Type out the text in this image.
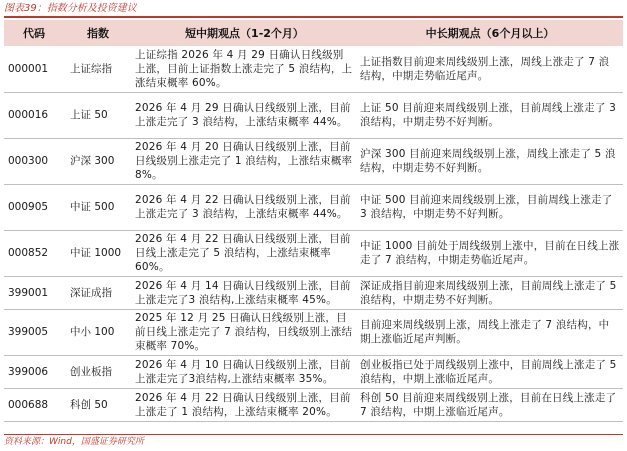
图表39：指数分析及投资建议
代码	指数	短中期观点（1-2个月）	中长期观点（6个月以上）
000001	上证综指	上证综指 2026 年 4 月 29 日确认日线级别上涨，目前上证指数上涨走完了 5 浪结构，上涨结束概率 60%。	上证指数目前迎来周线级别上涨，周线上涨走了 7 浪结构，中期走势临近尾声。
000016	上证 50	2026 年 4 月 29 日确认日线级别上涨，目前上涨走完了 3 浪结构，上涨结束概率 44%。	上证 50 目前迎来周线级别上涨，目前周线上涨走了 3 浪结构，中期走势不好判断。
000300	沪深 300	2026 年 4 月 20 日确认日线级别上涨，目前日线级别上涨走完了 1 浪结构，上涨结束概率 8%。	沪深 300 目前迎来周线级别上涨，周线上涨走了 5 浪结构，中期走势不好判断。
000905	中证 500	2026 年 4 月 22 日确认日线级别上涨，目前上涨走完了 3 浪结构，上涨结束概率 44%。	中证 500 目前迎来周线级别上涨，目前周线上涨走了 3 浪结构，中期走势不好判断。
000852	中证 1000	2026 年 4 月 22 日确认日线级别上涨，目前日线上涨走完了 5 浪结构，上涨结束概率 60%。	中证 1000 目前处于周线级别上涨中，目前在日线上涨走了 7 浪结构，中期走势临近尾声。
399001	深证成指	2026 年 4 月 14 日确认日线级别上涨，目前上涨走完了3 浪结构,上涨结束概率 45%。	深证成指目前迎来周线级别上涨，目前周线上涨走了 5 浪结构，中期走势不好判断。
399005	中小 100	2025 年 12 月 25 日确认日线级别上涨，目前日线上涨走完了 7 浪结构，日线级别上涨结束概率 70%。	目前迎来周线级别上涨，周线上涨走了 7 浪结构，中期上涨临近尾声判断。
399006	创业板指	2026 年 4 月 10 日确认日线级别上涨，目前上涨走完了3浪结构,上涨结束概率 35%。	创业板指已处于周线级别上涨中，目前周线上涨走了 5 浪结构，中期上涨临近尾声。
000688	科创 50	2026 年 4 月 22 日确认日线级别上涨，目前上涨走了 1 浪结构，上涨结束概率 20%。	科创 50 目前迎来周线级别上涨，目前在日线上涨走了 7 浪结构，中期上涨临近尾声。
资料来源：Wind，国盛证券研究所
